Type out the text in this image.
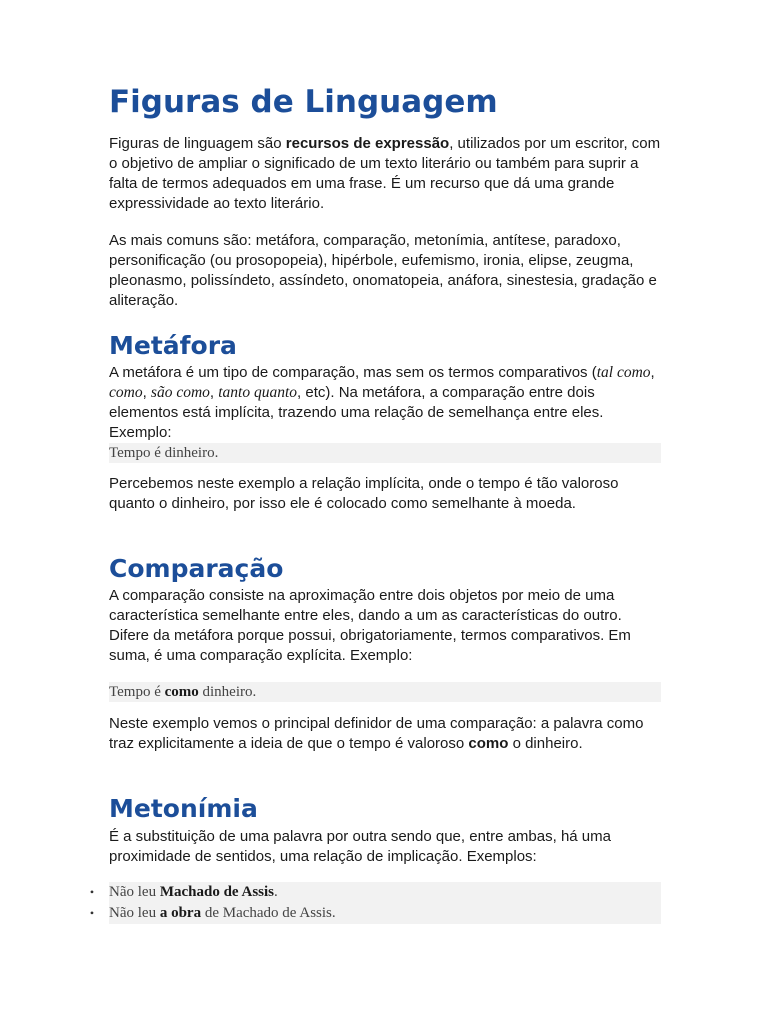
Figuras de Linguagem

Figuras de linguagem são recursos de expressão, utilizados por um escritor, com o objetivo de ampliar o significado de um texto literário ou também para suprir a falta de termos adequados em uma frase. É um recurso que dá uma grande expressividade ao texto literário.

As mais comuns são: metáfora, comparação, metonímia, antítese, paradoxo, personificação (ou prosopopeia), hipérbole, eufemismo, ironia, elipse, zeugma, pleonasmo, polissíndeto, assíndeto, onomatopeia, anáfora, sinestesia, gradação e aliteração.

Metáfora

A metáfora é um tipo de comparação, mas sem os termos comparativos (tal como, como, são como, tanto quanto, etc). Na metáfora, a comparação entre dois elementos está implícita, trazendo uma relação de semelhança entre eles. Exemplo:

Tempo é dinheiro.

Percebemos neste exemplo a relação implícita, onde o tempo é tão valoroso quanto o dinheiro, por isso ele é colocado como semelhante à moeda.

Comparação

A comparação consiste na aproximação entre dois objetos por meio de uma característica semelhante entre eles, dando a um as características do outro. Difere da metáfora porque possui, obrigatoriamente, termos comparativos. Em suma, é uma comparação explícita. Exemplo:

Tempo é como dinheiro.

Neste exemplo vemos o principal definidor de uma comparação: a palavra como traz explicitamente a ideia de que o tempo é valoroso como o dinheiro.

Metonímia

É a substituição de uma palavra por outra sendo que, entre ambas, há uma proximidade de sentidos, uma relação de implicação. Exemplos:

• Não leu Machado de Assis.
• Não leu a obra de Machado de Assis.
